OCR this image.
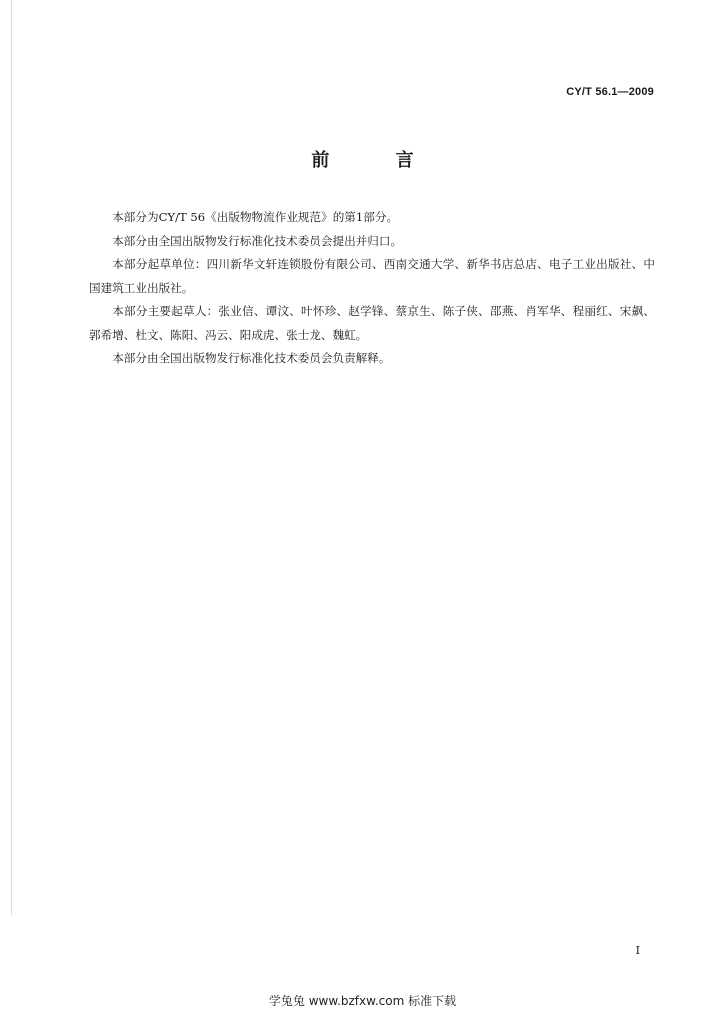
CY/T 56.1—2009
前 言

本部分为CY/T 56《出版物物流作业规范》的第1部分。

本部分由全国出版物发行标准化技术委员会提出并归口。

本部分起草单位：四川新华文轩连锁股份有限公司、西南交通大学、新华书店总店、电子工业出版社、中国建筑工业出版社。

本部分主要起草人：张业信、谭汶、叶怀珍、赵学锋、蔡京生、陈子侠、邵燕、肖军华、程丽红、宋飙、郭希增、杜文、陈阳、冯云、阳成虎、张士龙、魏虹。

本部分由全国出版物发行标准化技术委员会负责解释。

I
学兔兔 www.bzfxw.com 标准下载
